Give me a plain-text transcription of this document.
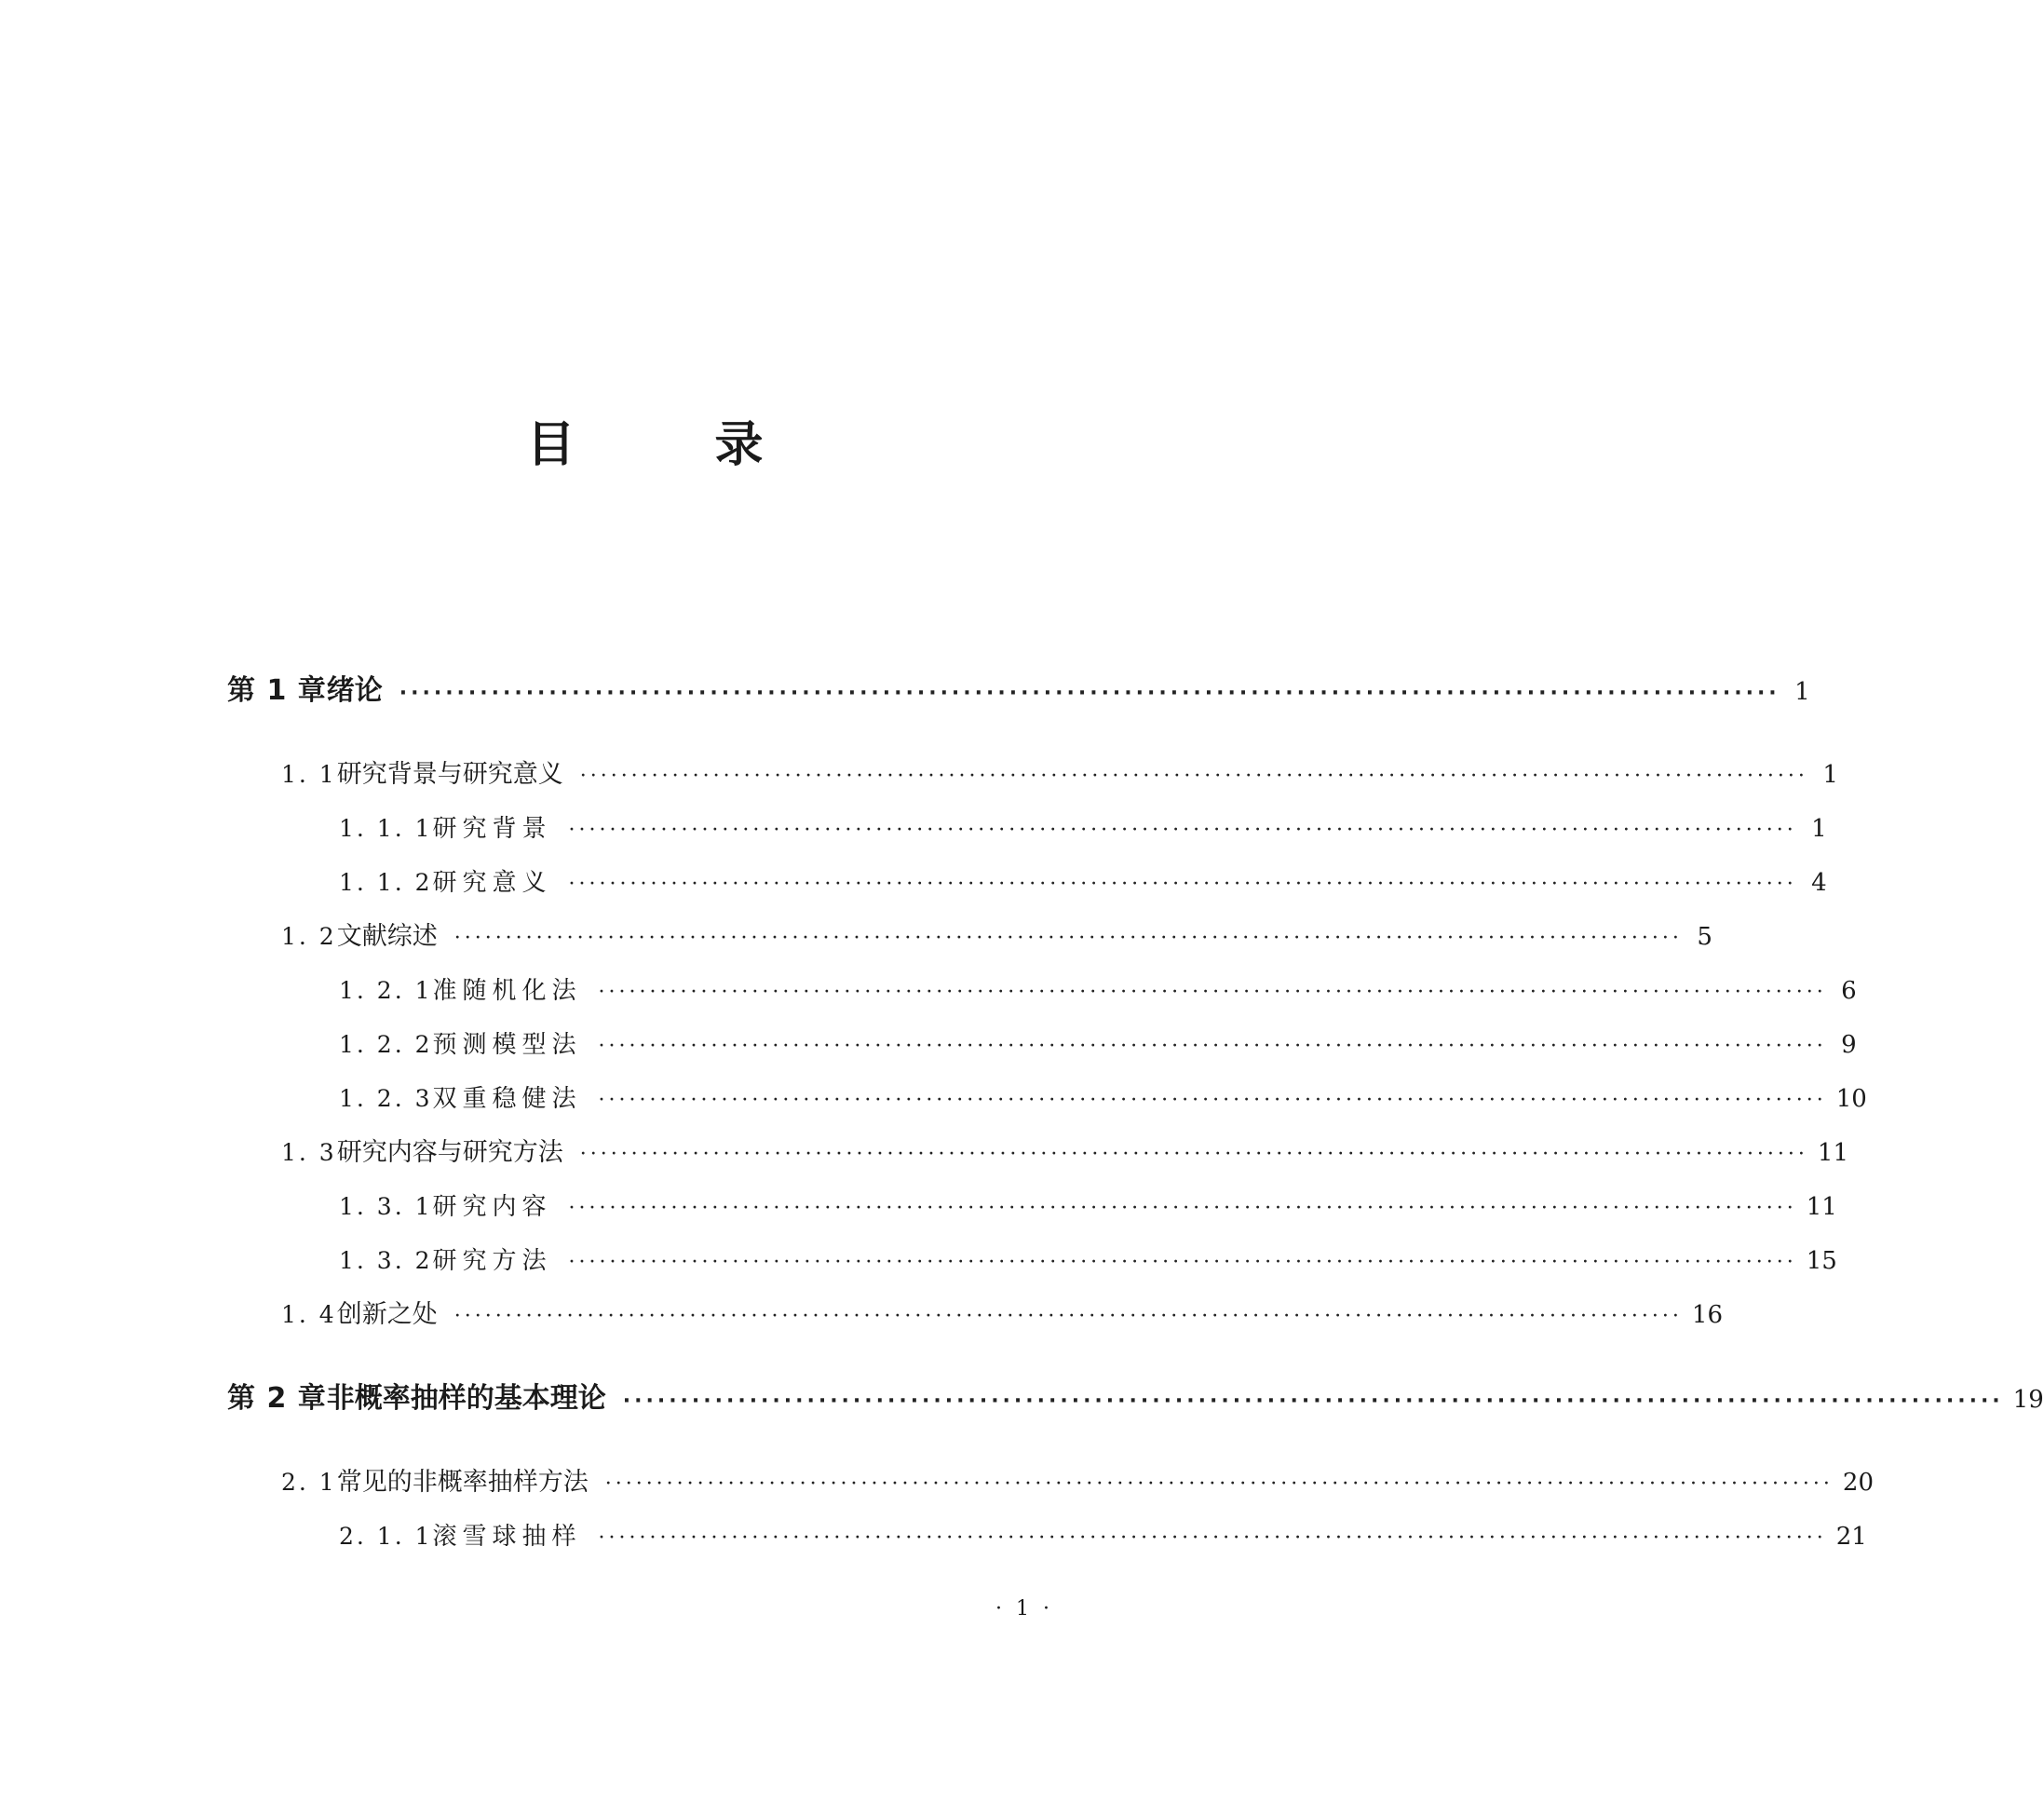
目	录
第 1 章 绪论 ························································································································ 1
1. 1 研究背景与研究意义 ························································································································ 1
1. 1. 1 研究背景 ························································································································ 1
1. 1. 2 研究意义 ························································································································ 4
1. 2 文献综述 ························································································································ 5
1. 2. 1 准随机化法 ························································································································ 6
1. 2. 2 预测模型法 ························································································································ 9
1. 2. 3 双重稳健法 ························································································································ 10
1. 3 研究内容与研究方法 ························································································································ 11
1. 3. 1 研究内容 ························································································································ 11
1. 3. 2 研究方法 ························································································································ 15
1. 4 创新之处 ························································································································ 16
第 2 章 非概率抽样的基本理论 ························································································································ 19
2. 1 常见的非概率抽样方法 ························································································································ 20
2. 1. 1 滚雪球抽样 ························································································································ 21
· 1 ·
